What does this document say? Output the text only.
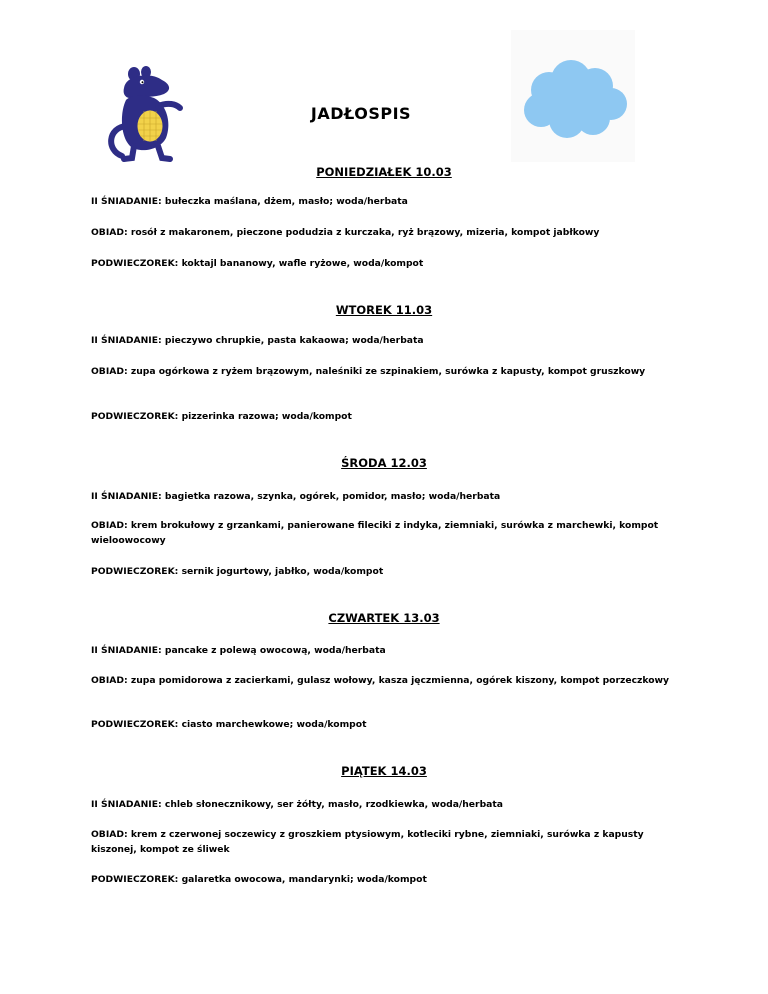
JADŁOSPIS
PONIEDZIAŁEK 10.03
II ŚNIADANIE: bułeczka maślana, dżem, masło; woda/herbata
OBIAD: rosół z makaronem, pieczone podudzia z kurczaka, ryż brązowy, mizeria, kompot jabłkowy
PODWIECZOREK: koktajl bananowy, wafle ryżowe, woda/kompot
WTOREK 11.03
II ŚNIADANIE: pieczywo chrupkie, pasta kakaowa; woda/herbata
OBIAD: zupa ogórkowa z ryżem brązowym, naleśniki ze szpinakiem, surówka z kapusty, kompot gruszkowy
PODWIECZOREK: pizzerinka razowa; woda/kompot
ŚRODA 12.03
II ŚNIADANIE: bagietka razowa, szynka, ogórek, pomidor, masło; woda/herbata
OBIAD: krem brokułowy z grzankami, panierowane fileciki z indyka, ziemniaki, surówka z marchewki, kompot wieloowocowy
PODWIECZOREK: sernik jogurtowy, jabłko, woda/kompot
CZWARTEK 13.03
II ŚNIADANIE: pancake z polewą owocową, woda/herbata
OBIAD: zupa pomidorowa z zacierkami, gulasz wołowy, kasza jęczmienna, ogórek kiszony, kompot porzeczkowy
PODWIECZOREK: ciasto marchewkowe; woda/kompot
PIĄTEK 14.03
II ŚNIADANIE: chleb słonecznikowy, ser żółty, masło, rzodkiewka, woda/herbata
OBIAD: krem z czerwonej soczewicy z groszkiem ptysiowym, kotleciki rybne, ziemniaki, surówka z kapusty kiszonej, kompot ze śliwek
PODWIECZOREK: galaretka owocowa, mandarynki; woda/kompot
